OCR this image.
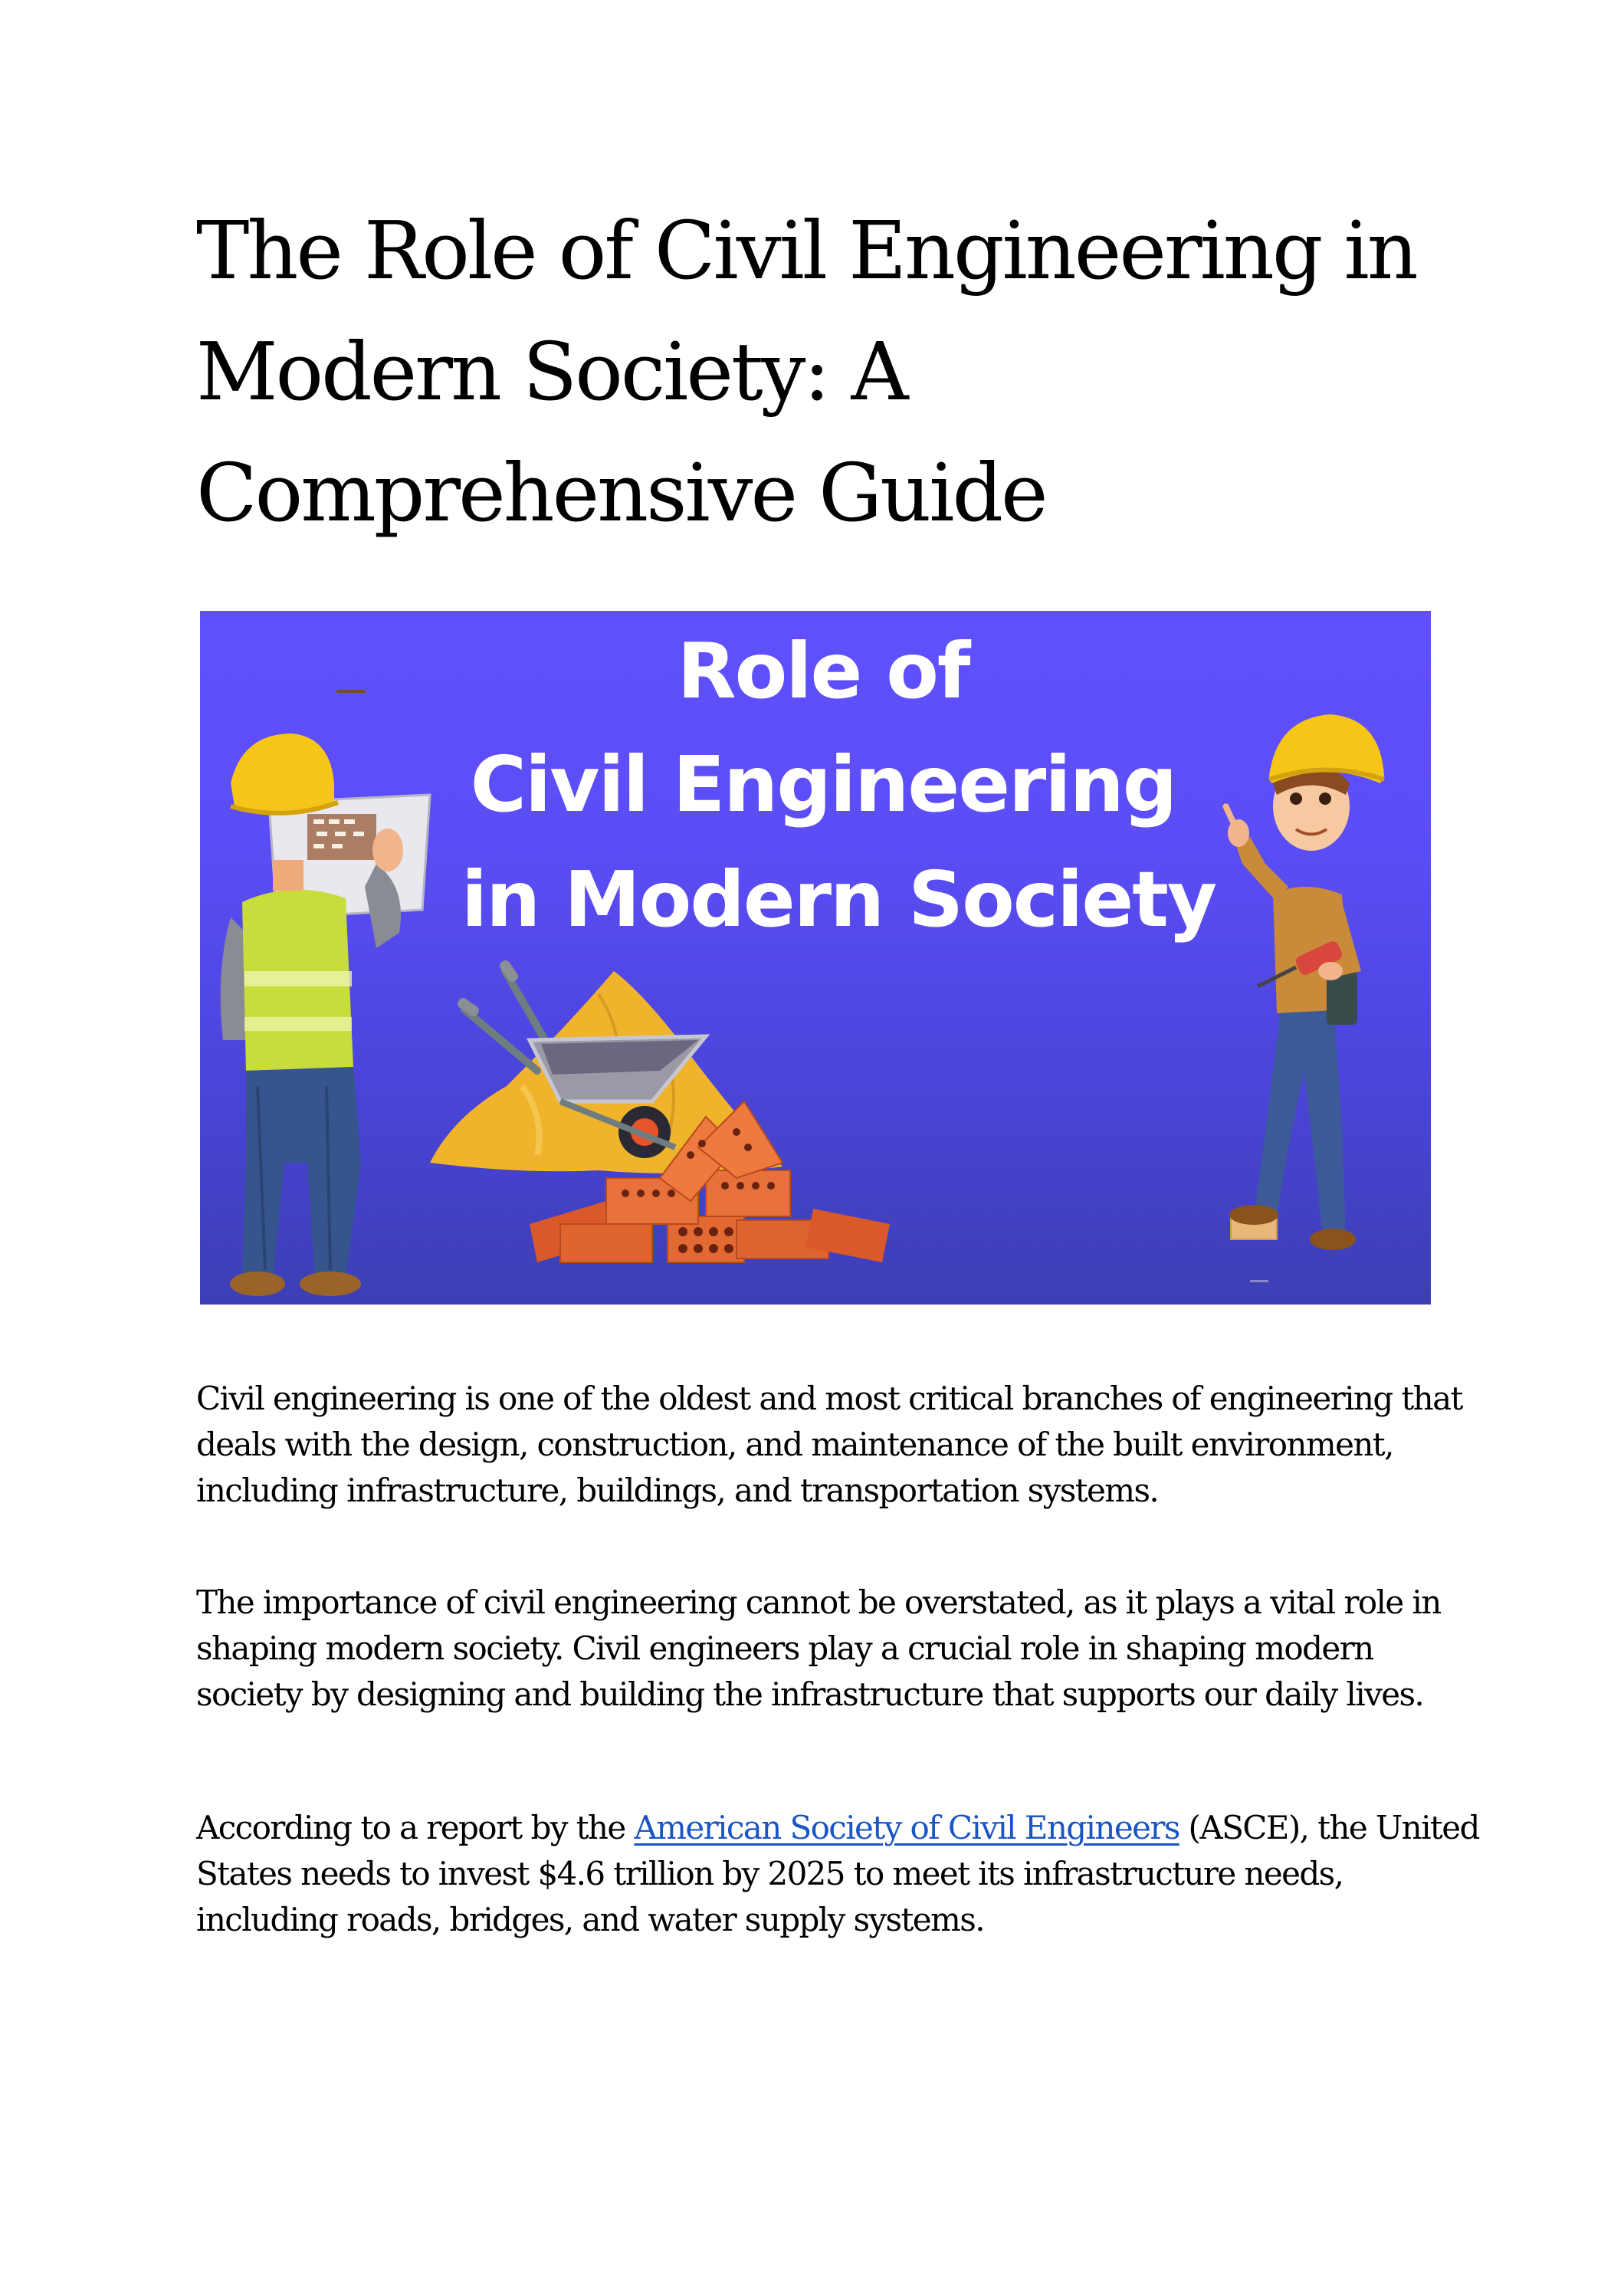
The Role of Civil Engineering in Modern Society: A Comprehensive Guide
Role of
Civil Engineering
in Modern Society

Civil engineering is one of the oldest and most critical branches of engineering that deals with the design, construction, and maintenance of the built environment, including infrastructure, buildings, and transportation systems.

The importance of civil engineering cannot be overstated, as it plays a vital role in shaping modern society. Civil engineers play a crucial role in shaping modern society by designing and building the infrastructure that supports our daily lives.

According to a report by the American Society of Civil Engineers (ASCE), the United States needs to invest $4.6 trillion by 2025 to meet its infrastructure needs, including roads, bridges, and water supply systems.
